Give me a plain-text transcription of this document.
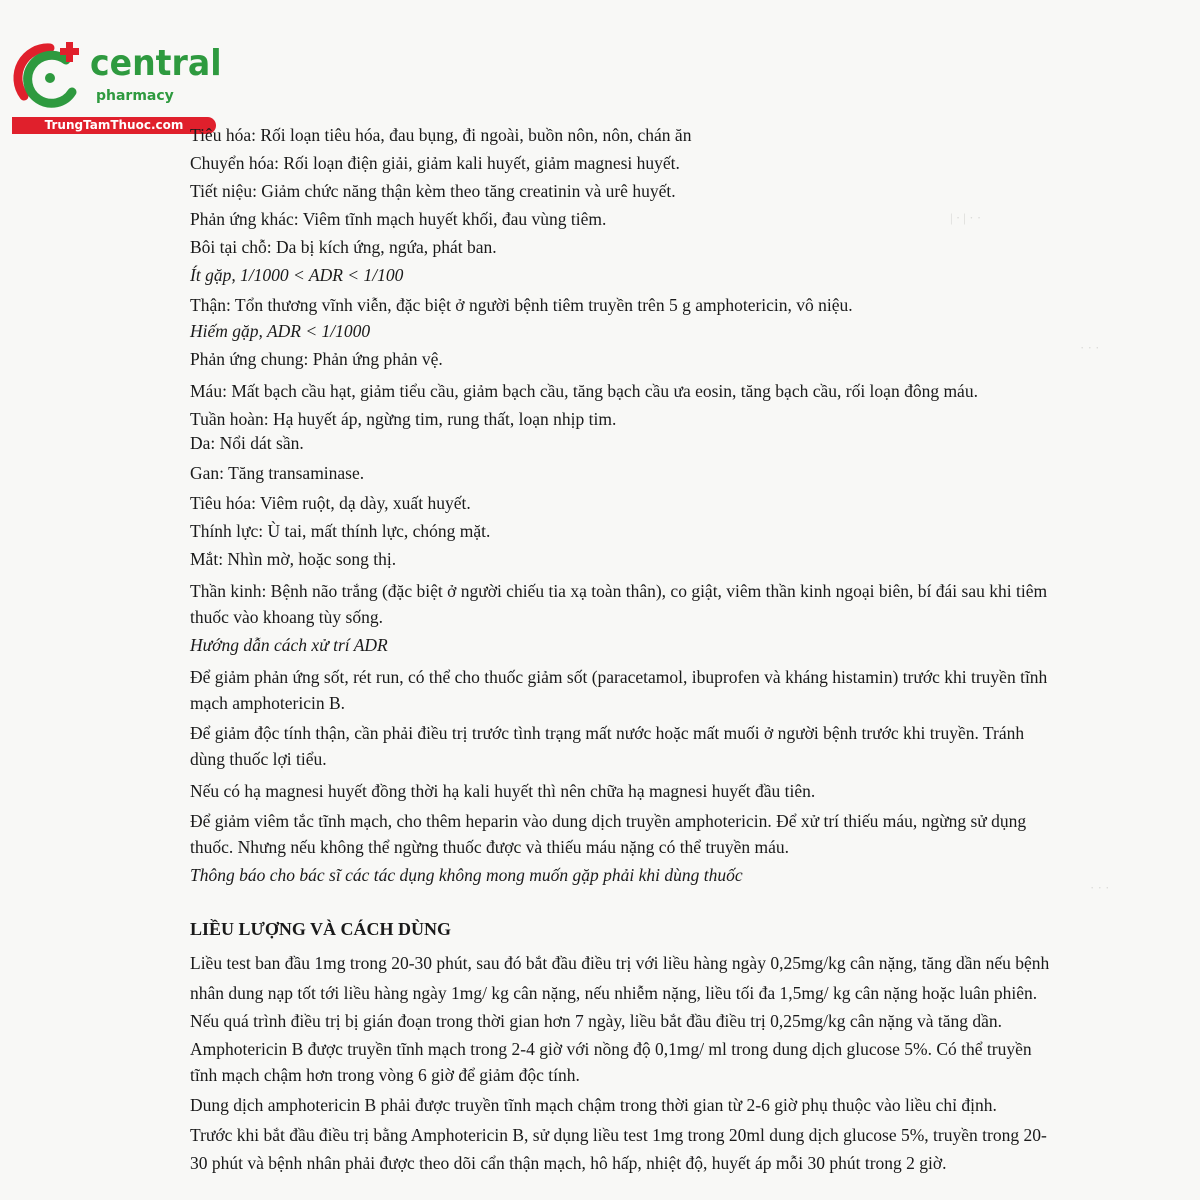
central
pharmacy
TrungTamThuoc.com
| · | · ·
· · ·
· · ·
Tiêu hóa: Rối loạn tiêu hóa, đau bụng, đi ngoài, buồn nôn, nôn, chán ăn
Chuyển hóa: Rối loạn điện giải, giảm kali huyết, giảm magnesi huyết.
Tiết niệu: Giảm chức năng thận kèm theo tăng creatinin và urê huyết.
Phản ứng khác: Viêm tĩnh mạch huyết khối, đau vùng tiêm.
Bôi tại chỗ: Da bị kích ứng, ngứa, phát ban.
Ít gặp, 1/1000 < ADR < 1/100
Thận: Tổn thương vĩnh viễn, đặc biệt ở người bệnh tiêm truyền trên 5 g amphotericin, vô niệu.
Hiếm gặp, ADR < 1/1000
Phản ứng chung: Phản ứng phản vệ.
Máu: Mất bạch cầu hạt, giảm tiểu cầu, giảm bạch cầu, tăng bạch cầu ưa eosin, tăng bạch cầu, rối loạn đông máu.
Tuần hoàn: Hạ huyết áp, ngừng tim, rung thất, loạn nhịp tim.
Da: Nổi dát sần.
Gan: Tăng transaminase.
Tiêu hóa: Viêm ruột, dạ dày, xuất huyết.
Thính lực: Ù tai, mất thính lực, chóng mặt.
Mắt: Nhìn mờ, hoặc song thị.
Thần kinh: Bệnh não trắng (đặc biệt ở người chiếu tia xạ toàn thân), co giật, viêm thần kinh ngoại biên, bí đái sau khi tiêm
thuốc vào khoang tùy sống.
Hướng dẫn cách xử trí ADR
Để giảm phản ứng sốt, rét run, có thể cho thuốc giảm sốt (paracetamol, ibuprofen và kháng histamin) trước khi truyền tĩnh
mạch amphotericin B.
Để giảm độc tính thận, cần phải điều trị trước tình trạng mất nước hoặc mất muối ở người bệnh trước khi truyền. Tránh
dùng thuốc lợi tiểu.
Nếu có hạ magnesi huyết đồng thời hạ kali huyết thì nên chữa hạ magnesi huyết đầu tiên.
Để giảm viêm tắc tĩnh mạch, cho thêm heparin vào dung dịch truyền amphotericin. Để xử trí thiếu máu, ngừng sử dụng
thuốc. Nhưng nếu không thể ngừng thuốc được và thiếu máu nặng có thể truyền máu.
Thông báo cho bác sĩ các tác dụng không mong muốn gặp phải khi dùng thuốc
LIỀU LƯỢNG VÀ CÁCH DÙNG
Liều test ban đầu 1mg trong 20-30 phút, sau đó bắt đầu điều trị với liều hàng ngày 0,25mg/kg cân nặng, tăng dần nếu bệnh
nhân dung nạp tốt tới liều hàng ngày 1mg/ kg cân nặng, nếu nhiễm nặng, liều tối đa 1,5mg/ kg cân nặng hoặc luân phiên.
Nếu quá trình điều trị bị gián đoạn trong thời gian hơn 7 ngày, liều bắt đầu điều trị 0,25mg/kg cân nặng và tăng dần.
Amphotericin B được truyền tĩnh mạch trong 2-4 giờ với nồng độ 0,1mg/ ml trong dung dịch glucose 5%. Có thể truyền
tĩnh mạch chậm hơn trong vòng 6 giờ để giảm độc tính.
Dung dịch amphotericin B phải được truyền tĩnh mạch chậm trong thời gian từ 2-6 giờ phụ thuộc vào liều chỉ định.
Trước khi bắt đầu điều trị bằng Amphotericin B, sử dụng liều test 1mg trong 20ml dung dịch glucose 5%, truyền trong 20-
30 phút và bệnh nhân phải được theo dõi cẩn thận mạch, hô hấp, nhiệt độ, huyết áp mỗi 30 phút trong 2 giờ.
